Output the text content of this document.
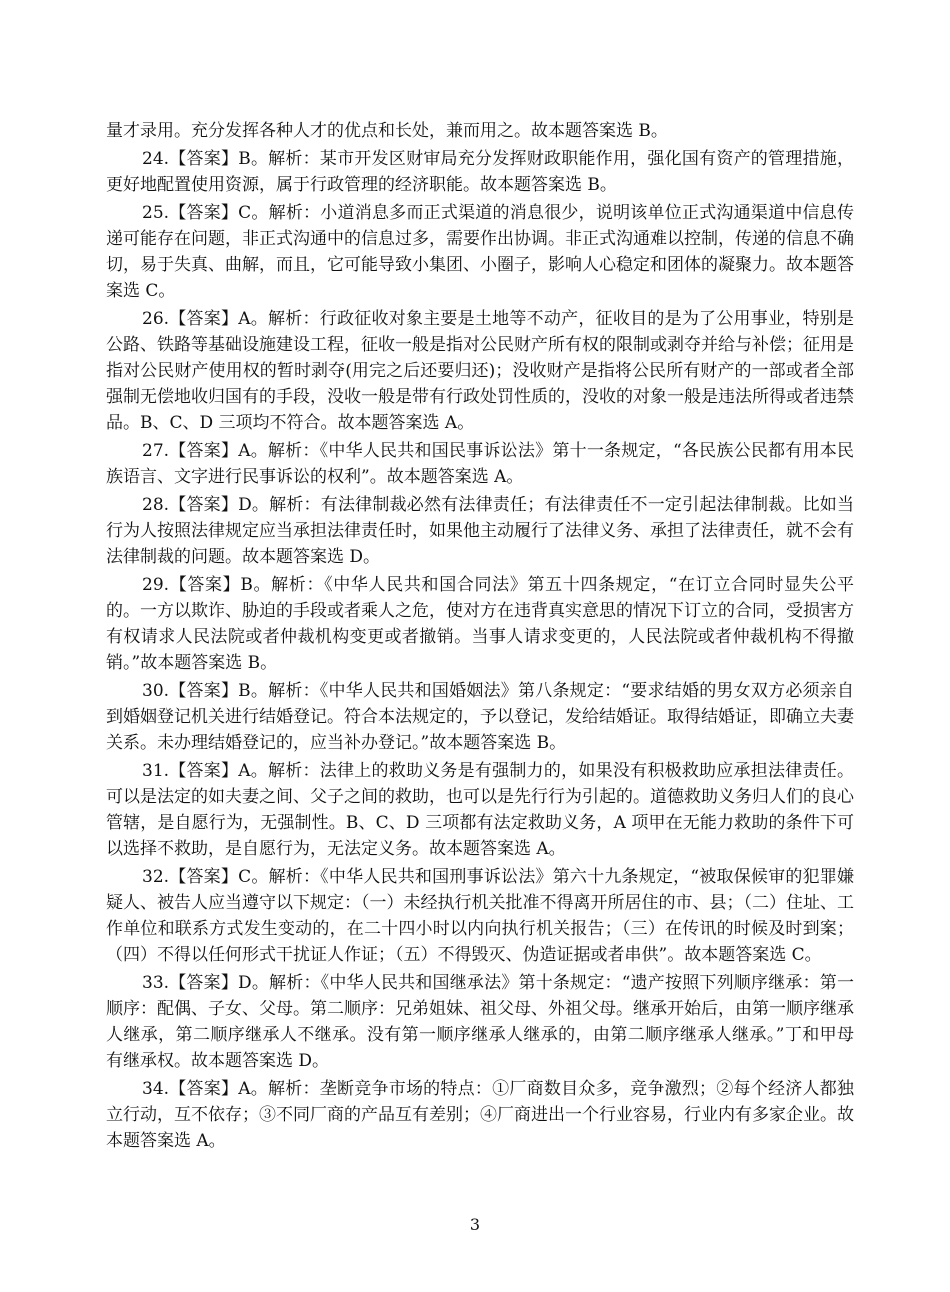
量才录用。充分发挥各种人才的优点和长处，兼而用之。故本题答案选 B。

24.【答案】B。解析：某市开发区财审局充分发挥财政职能作用，强化国有资产的管理措施，更好地配置使用资源，属于行政管理的经济职能。故本题答案选 B。

25.【答案】C。解析：小道消息多而正式渠道的消息很少，说明该单位正式沟通渠道中信息传递可能存在问题，非正式沟通中的信息过多，需要作出协调。非正式沟通难以控制，传递的信息不确切，易于失真、曲解，而且，它可能导致小集团、小圈子，影响人心稳定和团体的凝聚力。故本题答案选 C。

26.【答案】A。解析：行政征收对象主要是土地等不动产，征收目的是为了公用事业，特别是公路、铁路等基础设施建设工程，征收一般是指对公民财产所有权的限制或剥夺并给与补偿；征用是指对公民财产使用权的暂时剥夺(用完之后还要归还)；没收财产是指将公民所有财产的一部或者全部强制无偿地收归国有的手段，没收一般是带有行政处罚性质的，没收的对象一般是违法所得或者违禁品。B、C、D 三项均不符合。故本题答案选 A。

27.【答案】A。解析：《中华人民共和国民事诉讼法》第十一条规定，“各民族公民都有用本民族语言、文字进行民事诉讼的权利”。故本题答案选 A。

28.【答案】D。解析：有法律制裁必然有法律责任；有法律责任不一定引起法律制裁。比如当行为人按照法律规定应当承担法律责任时，如果他主动履行了法律义务、承担了法律责任，就不会有法律制裁的问题。故本题答案选 D。

29.【答案】B。解析：《中华人民共和国合同法》第五十四条规定，“在订立合同时显失公平的。一方以欺诈、胁迫的手段或者乘人之危，使对方在违背真实意思的情况下订立的合同，受损害方有权请求人民法院或者仲裁机构变更或者撤销。当事人请求变更的，人民法院或者仲裁机构不得撤销。”故本题答案选 B。

30.【答案】B。解析：《中华人民共和国婚姻法》第八条规定：“要求结婚的男女双方必须亲自到婚姻登记机关进行结婚登记。符合本法规定的，予以登记，发给结婚证。取得结婚证，即确立夫妻关系。未办理结婚登记的，应当补办登记。”故本题答案选 B。

31.【答案】A。解析：法律上的救助义务是有强制力的，如果没有积极救助应承担法律责任。可以是法定的如夫妻之间、父子之间的救助，也可以是先行行为引起的。道德救助义务归人们的良心管辖，是自愿行为，无强制性。B、C、D 三项都有法定救助义务，A 项甲在无能力救助的条件下可以选择不救助，是自愿行为，无法定义务。故本题答案选 A。

32.【答案】C。解析：《中华人民共和国刑事诉讼法》第六十九条规定，“被取保候审的犯罪嫌疑人、被告人应当遵守以下规定：（一）未经执行机关批准不得离开所居住的市、县；（二）住址、工作单位和联系方式发生变动的，在二十四小时以内向执行机关报告；（三）在传讯的时候及时到案；（四）不得以任何形式干扰证人作证；（五）不得毁灭、伪造证据或者串供”。故本题答案选 C。

33.【答案】D。解析：《中华人民共和国继承法》第十条规定：“遗产按照下列顺序继承：第一顺序：配偶、子女、父母。第二顺序：兄弟姐妹、祖父母、外祖父母。继承开始后，由第一顺序继承人继承，第二顺序继承人不继承。没有第一顺序继承人继承的，由第二顺序继承人继承。”丁和甲母有继承权。故本题答案选 D。

34.【答案】A。解析：垄断竞争市场的特点：①厂商数目众多，竞争激烈；②每个经济人都独立行动，互不依存；③不同厂商的产品互有差别；④厂商进出一个行业容易，行业内有多家企业。故本题答案选 A。

3
